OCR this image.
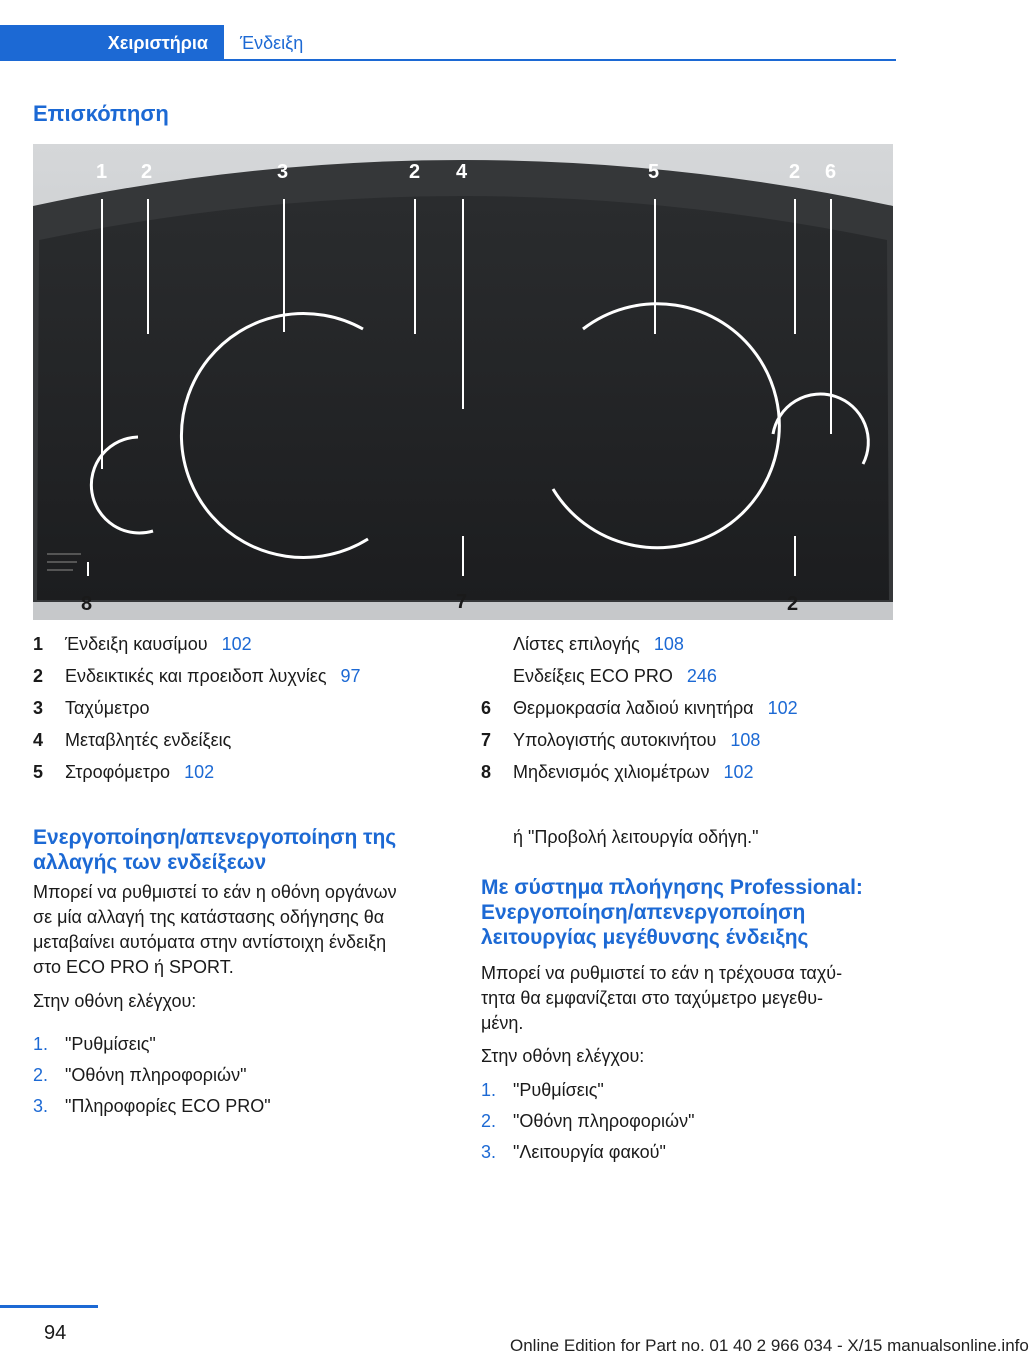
Χειριστήρια	Ένδειξη
Επισκόπηση
1 2	3	2 4	5	2 6
8	7	2
1	Ένδειξη καυσίμου 102
2	Ενδεικτικές και προειδοπ λυχνίες 97
3	Ταχύμετρο
4	Μεταβλητές ενδείξεις
5	Στροφόμετρο 102
Λίστες επιλογής 108
Ενδείξεις ECO PRO 246
6	Θερμοκρασία λαδιού κινητήρα 102
7	Υπολογιστής αυτοκινήτου 108
8	Μηδενισμός χιλιομέτρων 102
Ενεργοποίηση/απενεργοποίηση της
αλλαγής των ενδείξεων
Μπορεί να ρυθμιστεί το εάν η οθόνη οργάνων
σε μία αλλαγή της κατάστασης οδήγησης θα
μεταβαίνει αυτόματα στην αντίστοιχη ένδειξη
στο ECO PRO ή SPORT.
Στην οθόνη ελέγχου:
1. "Ρυθμίσεις"
2. "Οθόνη πληροφοριών"
3. "Πληροφορίες ECO PRO"
ή "Προβολή λειτουργία οδήγη."
Με σύστημα πλοήγησης Professional:
Ενεργοποίηση/απενεργοποίηση
λειτουργίας μεγέθυνσης ένδειξης
Μπορεί να ρυθμιστεί το εάν η τρέχουσα ταχύ‐
τητα θα εμφανίζεται στο ταχύμετρο μεγεθυ‐
μένη.
Στην οθόνη ελέγχου:
1. "Ρυθμίσεις"
2. "Οθόνη πληροφοριών"
3. "Λειτουργία φακού"
94
Online Edition for Part no. 01 40 2 966 034 - X/15 manualsonline.info
